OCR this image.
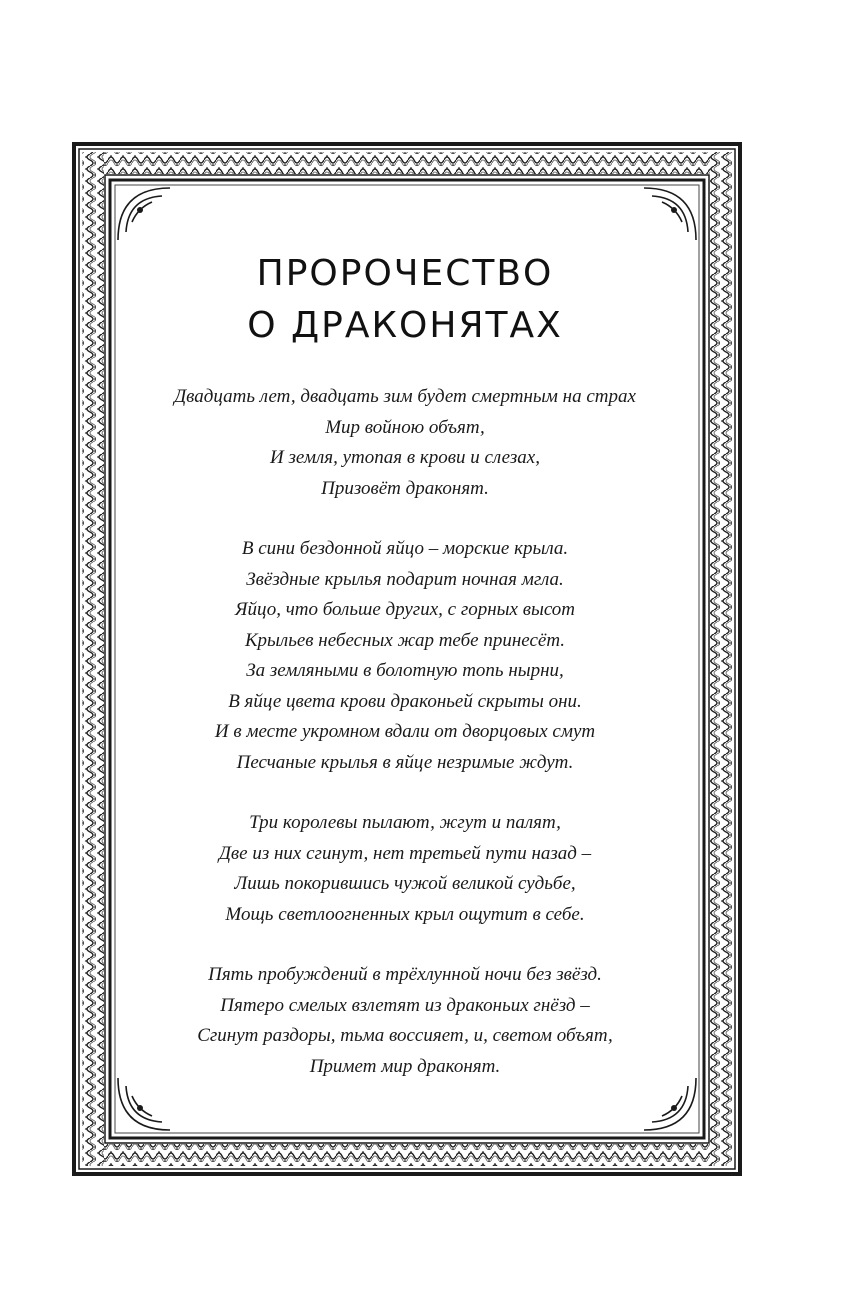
ПРОРОЧЕСТВО
О ДРАКОНЯТАХ
Двадцать лет, двадцать зим будет смертным на страх
Мир войною объят,
И земля, утопая в крови и слезах,
Призовёт драконят.
В сини бездонной яйцо – морские крыла.
Звёздные крылья подарит ночная мгла.
Яйцо, что больше других, с горных высот
Крыльев небесных жар тебе принесёт.
За земляными в болотную топь нырни,
В яйце цвета крови драконьей скрыты они.
И в месте укромном вдали от дворцовых смут
Песчаные крылья в яйце незримые ждут.
Три королевы пылают, жгут и палят,
Две из них сгинут, нет третьей пути назад –
Лишь покорившись чужой великой судьбе,
Мощь светлоогненных крыл ощутит в себе.
Пять пробуждений в трёхлунной ночи без звёзд.
Пятеро смелых взлетят из драконьих гнёзд –
Сгинут раздоры, тьма воссияет, и, светом объят,
Примет мир драконят.
